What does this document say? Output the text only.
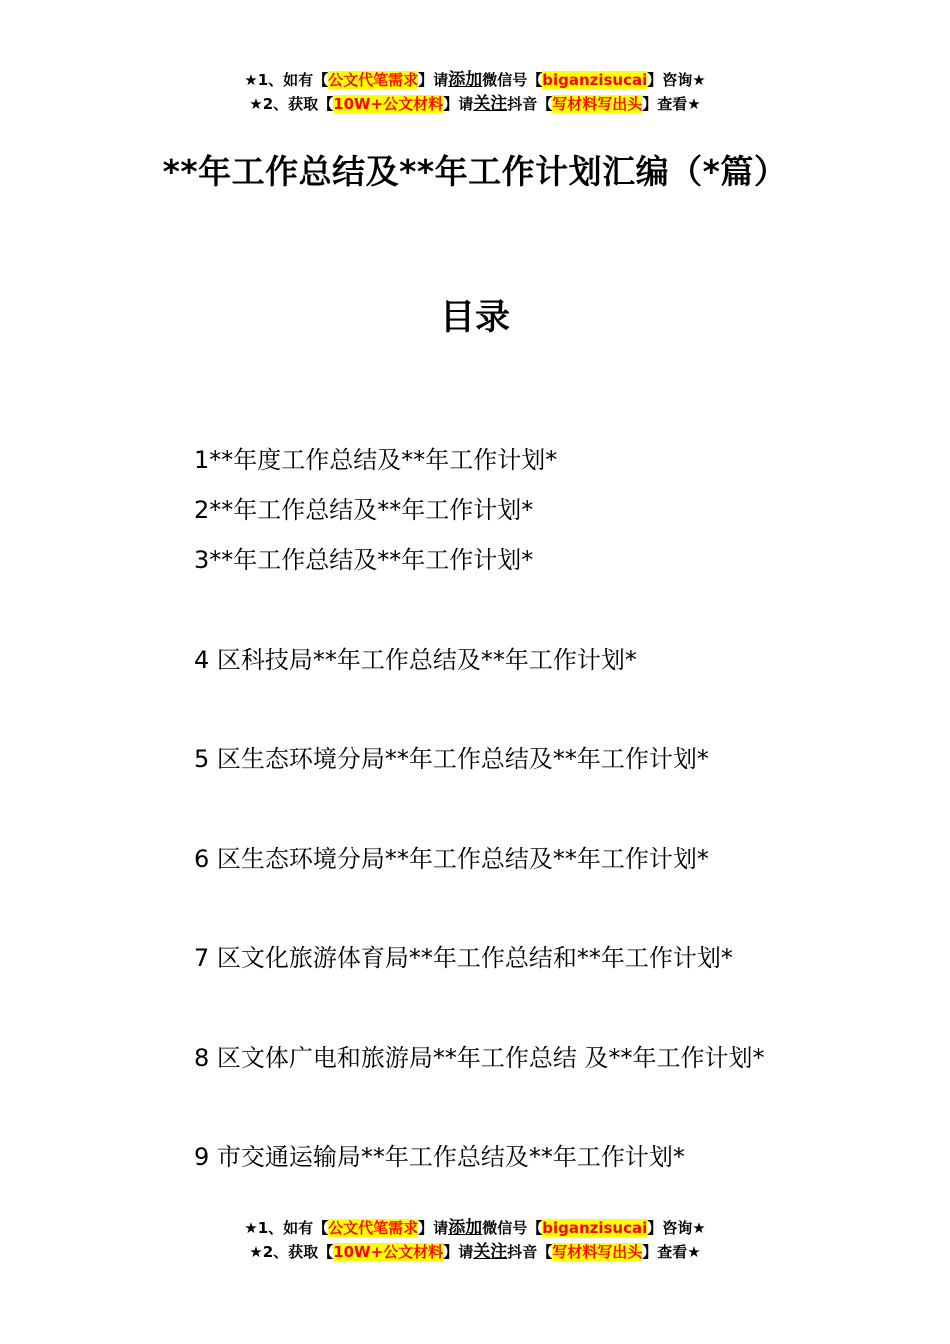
★1、如有【公文代笔需求】请添加微信号【biganzisucai】咨询★
★2、获取【10W+公文材料】请关注抖音【写材料写出头】查看★
**年工作总结及**年工作计划汇编（*篇）
目录
1**年度工作总结及**年工作计划*
2**年工作总结及**年工作计划*
3**年工作总结及**年工作计划*
4 区科技局**年工作总结及**年工作计划*
5 区生态环境分局**年工作总结及**年工作计划*
6 区生态环境分局**年工作总结及**年工作计划*
7 区文化旅游体育局**年工作总结和**年工作计划*
8 区文体广电和旅游局**年工作总结 及**年工作计划*
9 市交通运输局**年工作总结及**年工作计划*
★1、如有【公文代笔需求】请添加微信号【biganzisucai】咨询★
★2、获取【10W+公文材料】请关注抖音【写材料写出头】查看★
